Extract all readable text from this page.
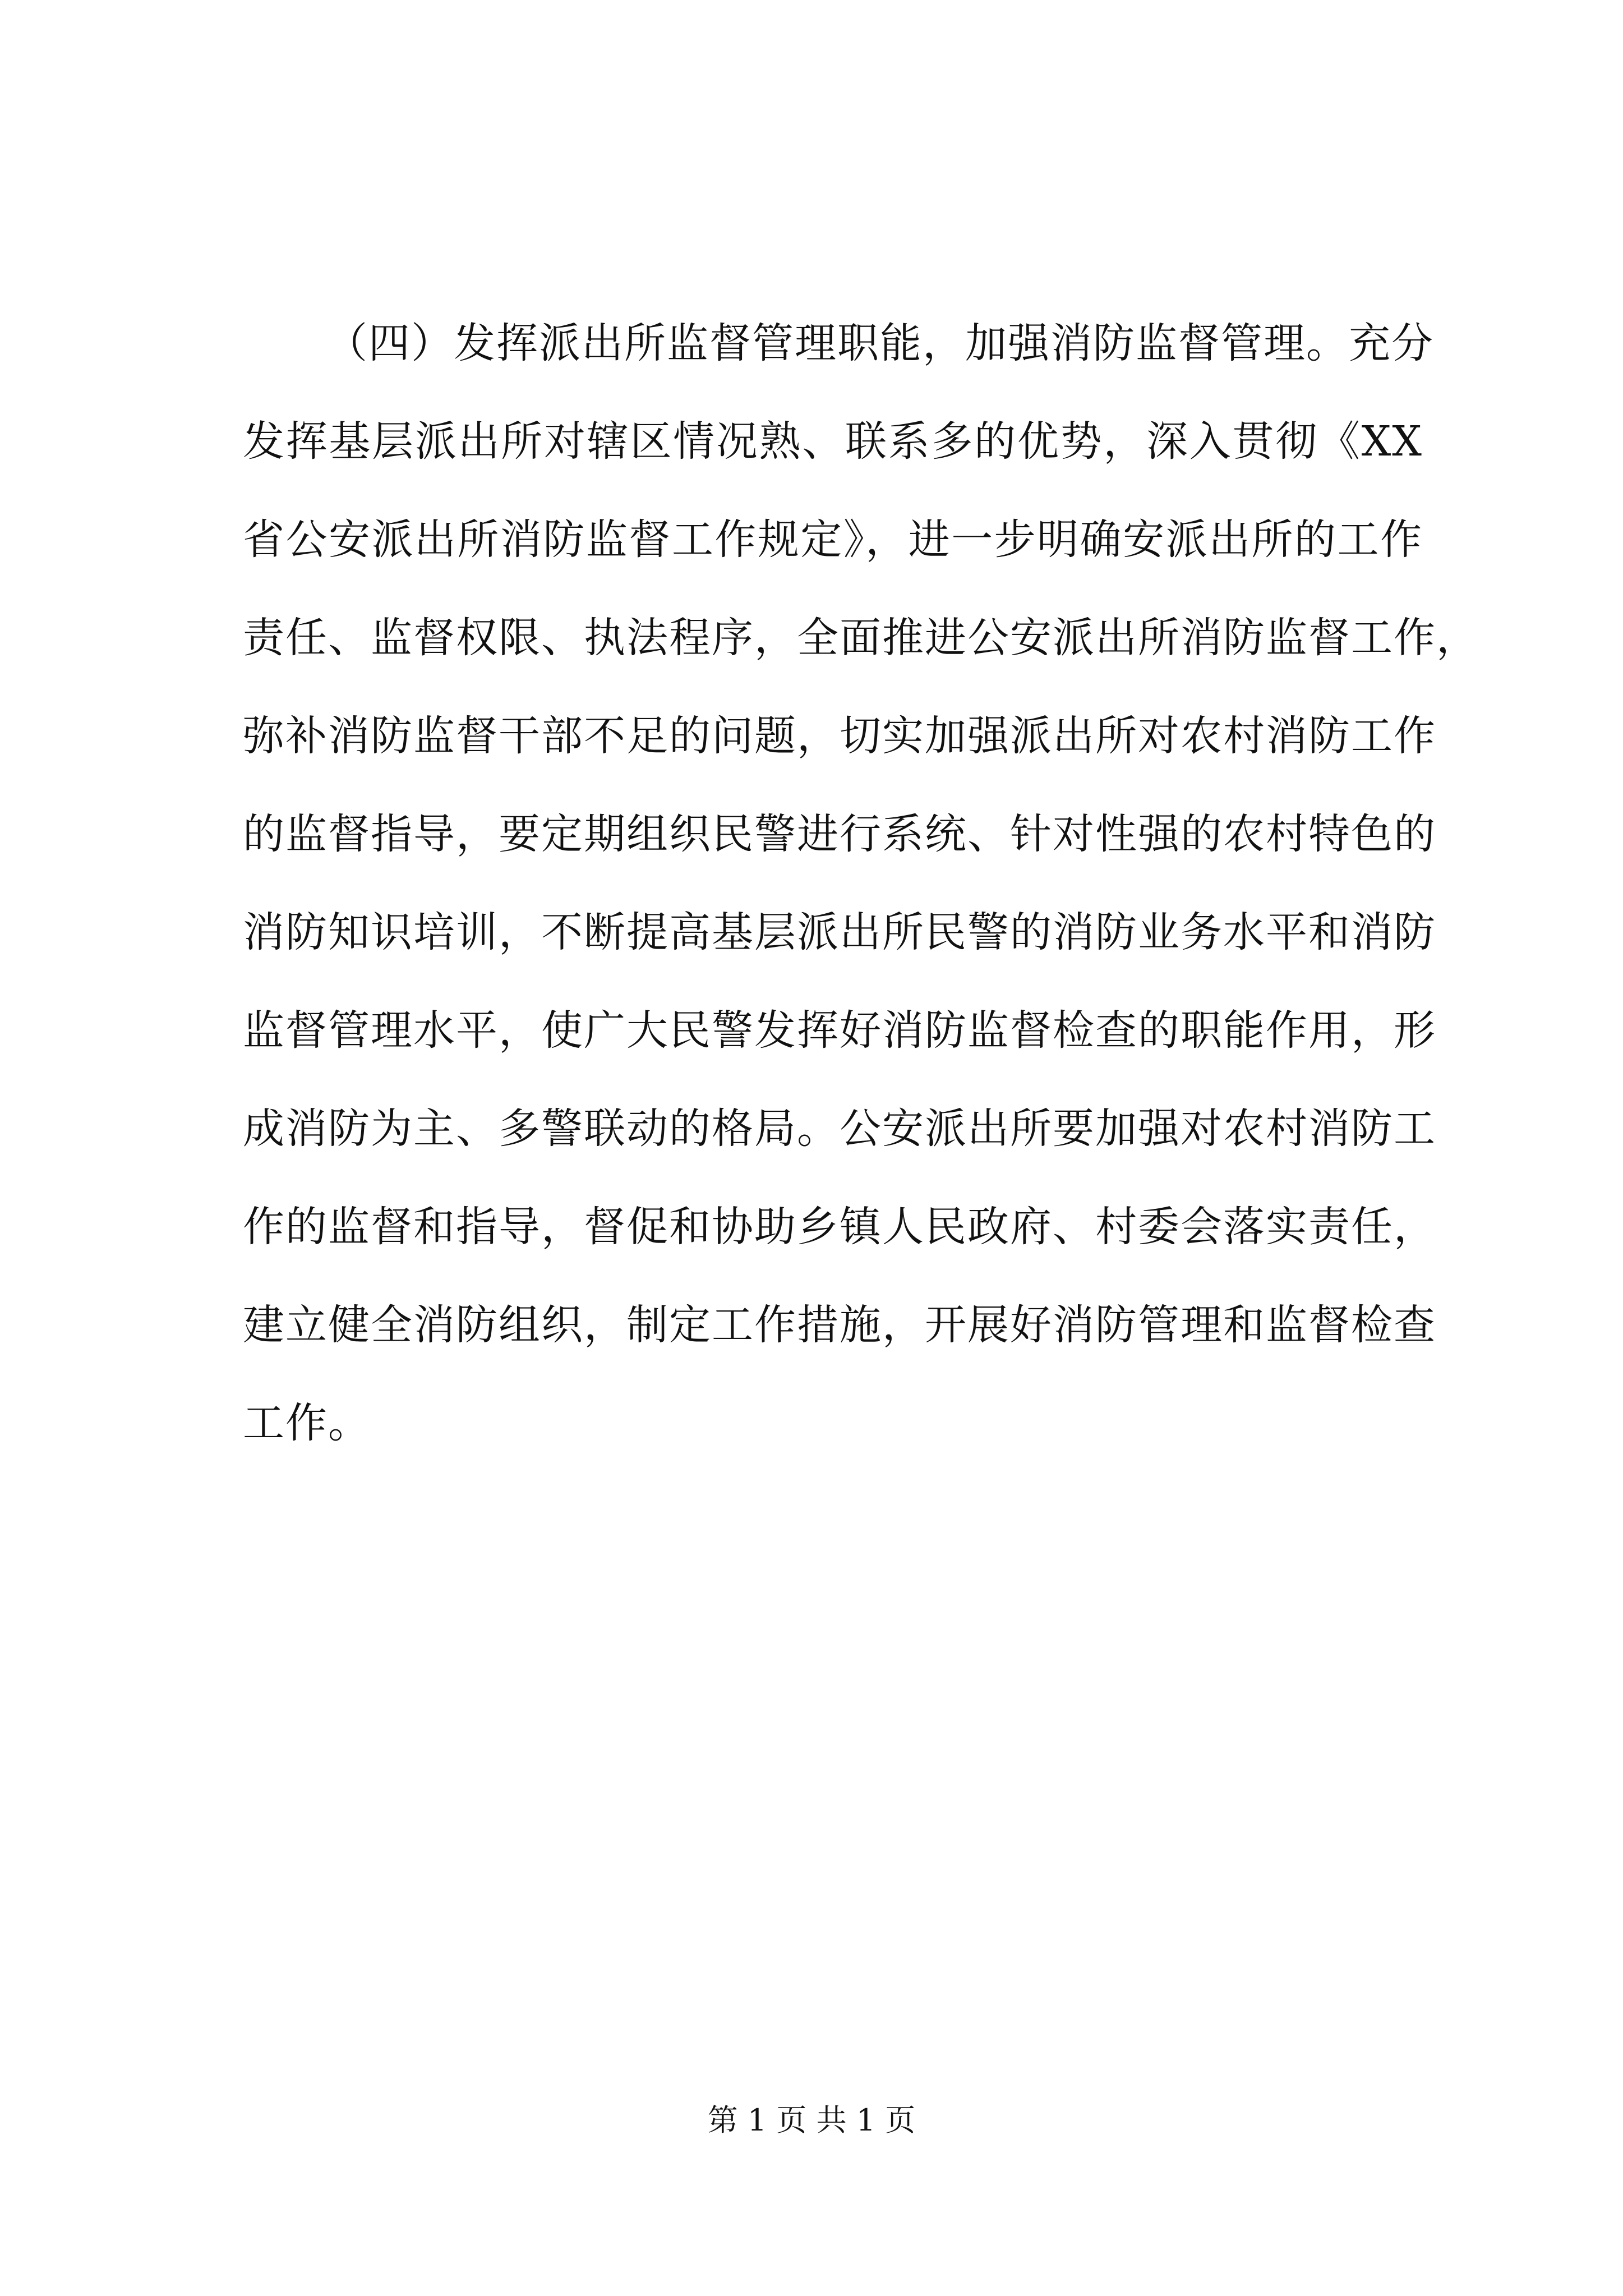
（四）发挥派出所监督管理职能，加强消防监督管理。充分
发挥基层派出所对辖区情况熟、联系多的优势，深入贯彻《XX
省公安派出所消防监督工作规定》，进一步明确安派出所的工作
责任、监督权限、执法程序，全面推进公安派出所消防监督工作，
弥补消防监督干部不足的问题，切实加强派出所对农村消防工作
的监督指导，要定期组织民警进行系统、针对性强的农村特色的
消防知识培训，不断提高基层派出所民警的消防业务水平和消防
监督管理水平，使广大民警发挥好消防监督检查的职能作用，形
成消防为主、多警联动的格局。公安派出所要加强对农村消防工
作的监督和指导，督促和协助乡镇人民政府、村委会落实责任，
建立健全消防组织，制定工作措施，开展好消防管理和监督检查
工作。
第 1 页 共 1 页
